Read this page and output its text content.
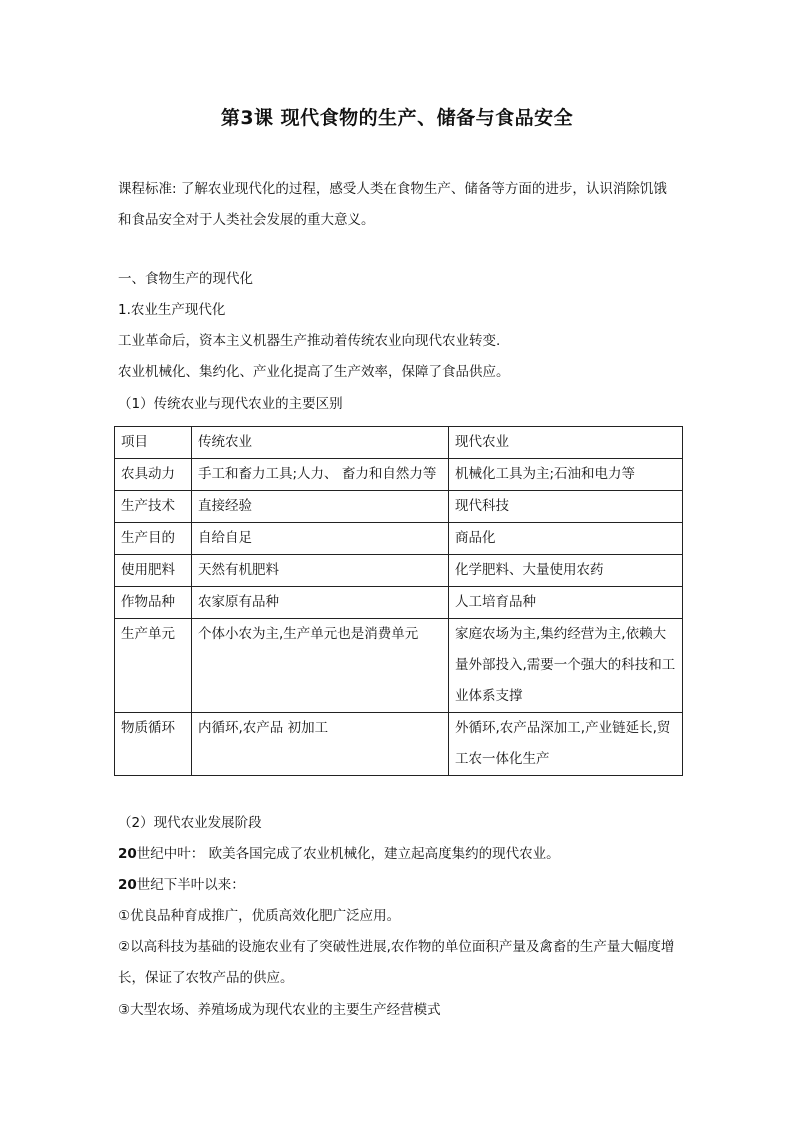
第3课 现代食物的生产、储备与食品安全
课程标准: 了解农业现代化的过程，感受人类在食物生产、储备等方面的进步，认识消除饥饿和食品安全对于人类社会发展的重大意义。
一、食物生产的现代化
1.农业生产现代化
工业革命后，资本主义机器生产推动着传统农业向现代农业转变.
农业机械化、集约化、产业化提高了生产效率，保障了食品供应。
（1）传统农业与现代农业的主要区别
项目	传统农业	现代农业
农具动力	手工和畜力工具;人力、 畜力和自然力等	机械化工具为主;石油和电力等
生产技术	直接经验	现代科技
生产目的	自给自足	商品化
使用肥料	天然有机肥料	化学肥料、大量使用农药
作物品种	农家原有品种	人工培育品种
生产单元	个体小农为主,生产单元也是消费单元	家庭农场为主,集约经营为主,依赖大量外部投入,需要一个强大的科技和工业体系支撑
物质循环	内循环,农产品 初加工	外循环,农产品深加工,产业链延长,贸工农一体化生产
（2）现代农业发展阶段
20世纪中叶： 欧美各国完成了农业机械化，建立起高度集约的现代农业。
20世纪下半叶以来：
①优良品种育成推广，优质高效化肥广泛应用。
②以高科技为基础的设施农业有了突破性进展,农作物的单位面积产量及禽畜的生产量大幅度增长，保证了农牧产品的供应。
③大型农场、养殖场成为现代农业的主要生产经营模式
